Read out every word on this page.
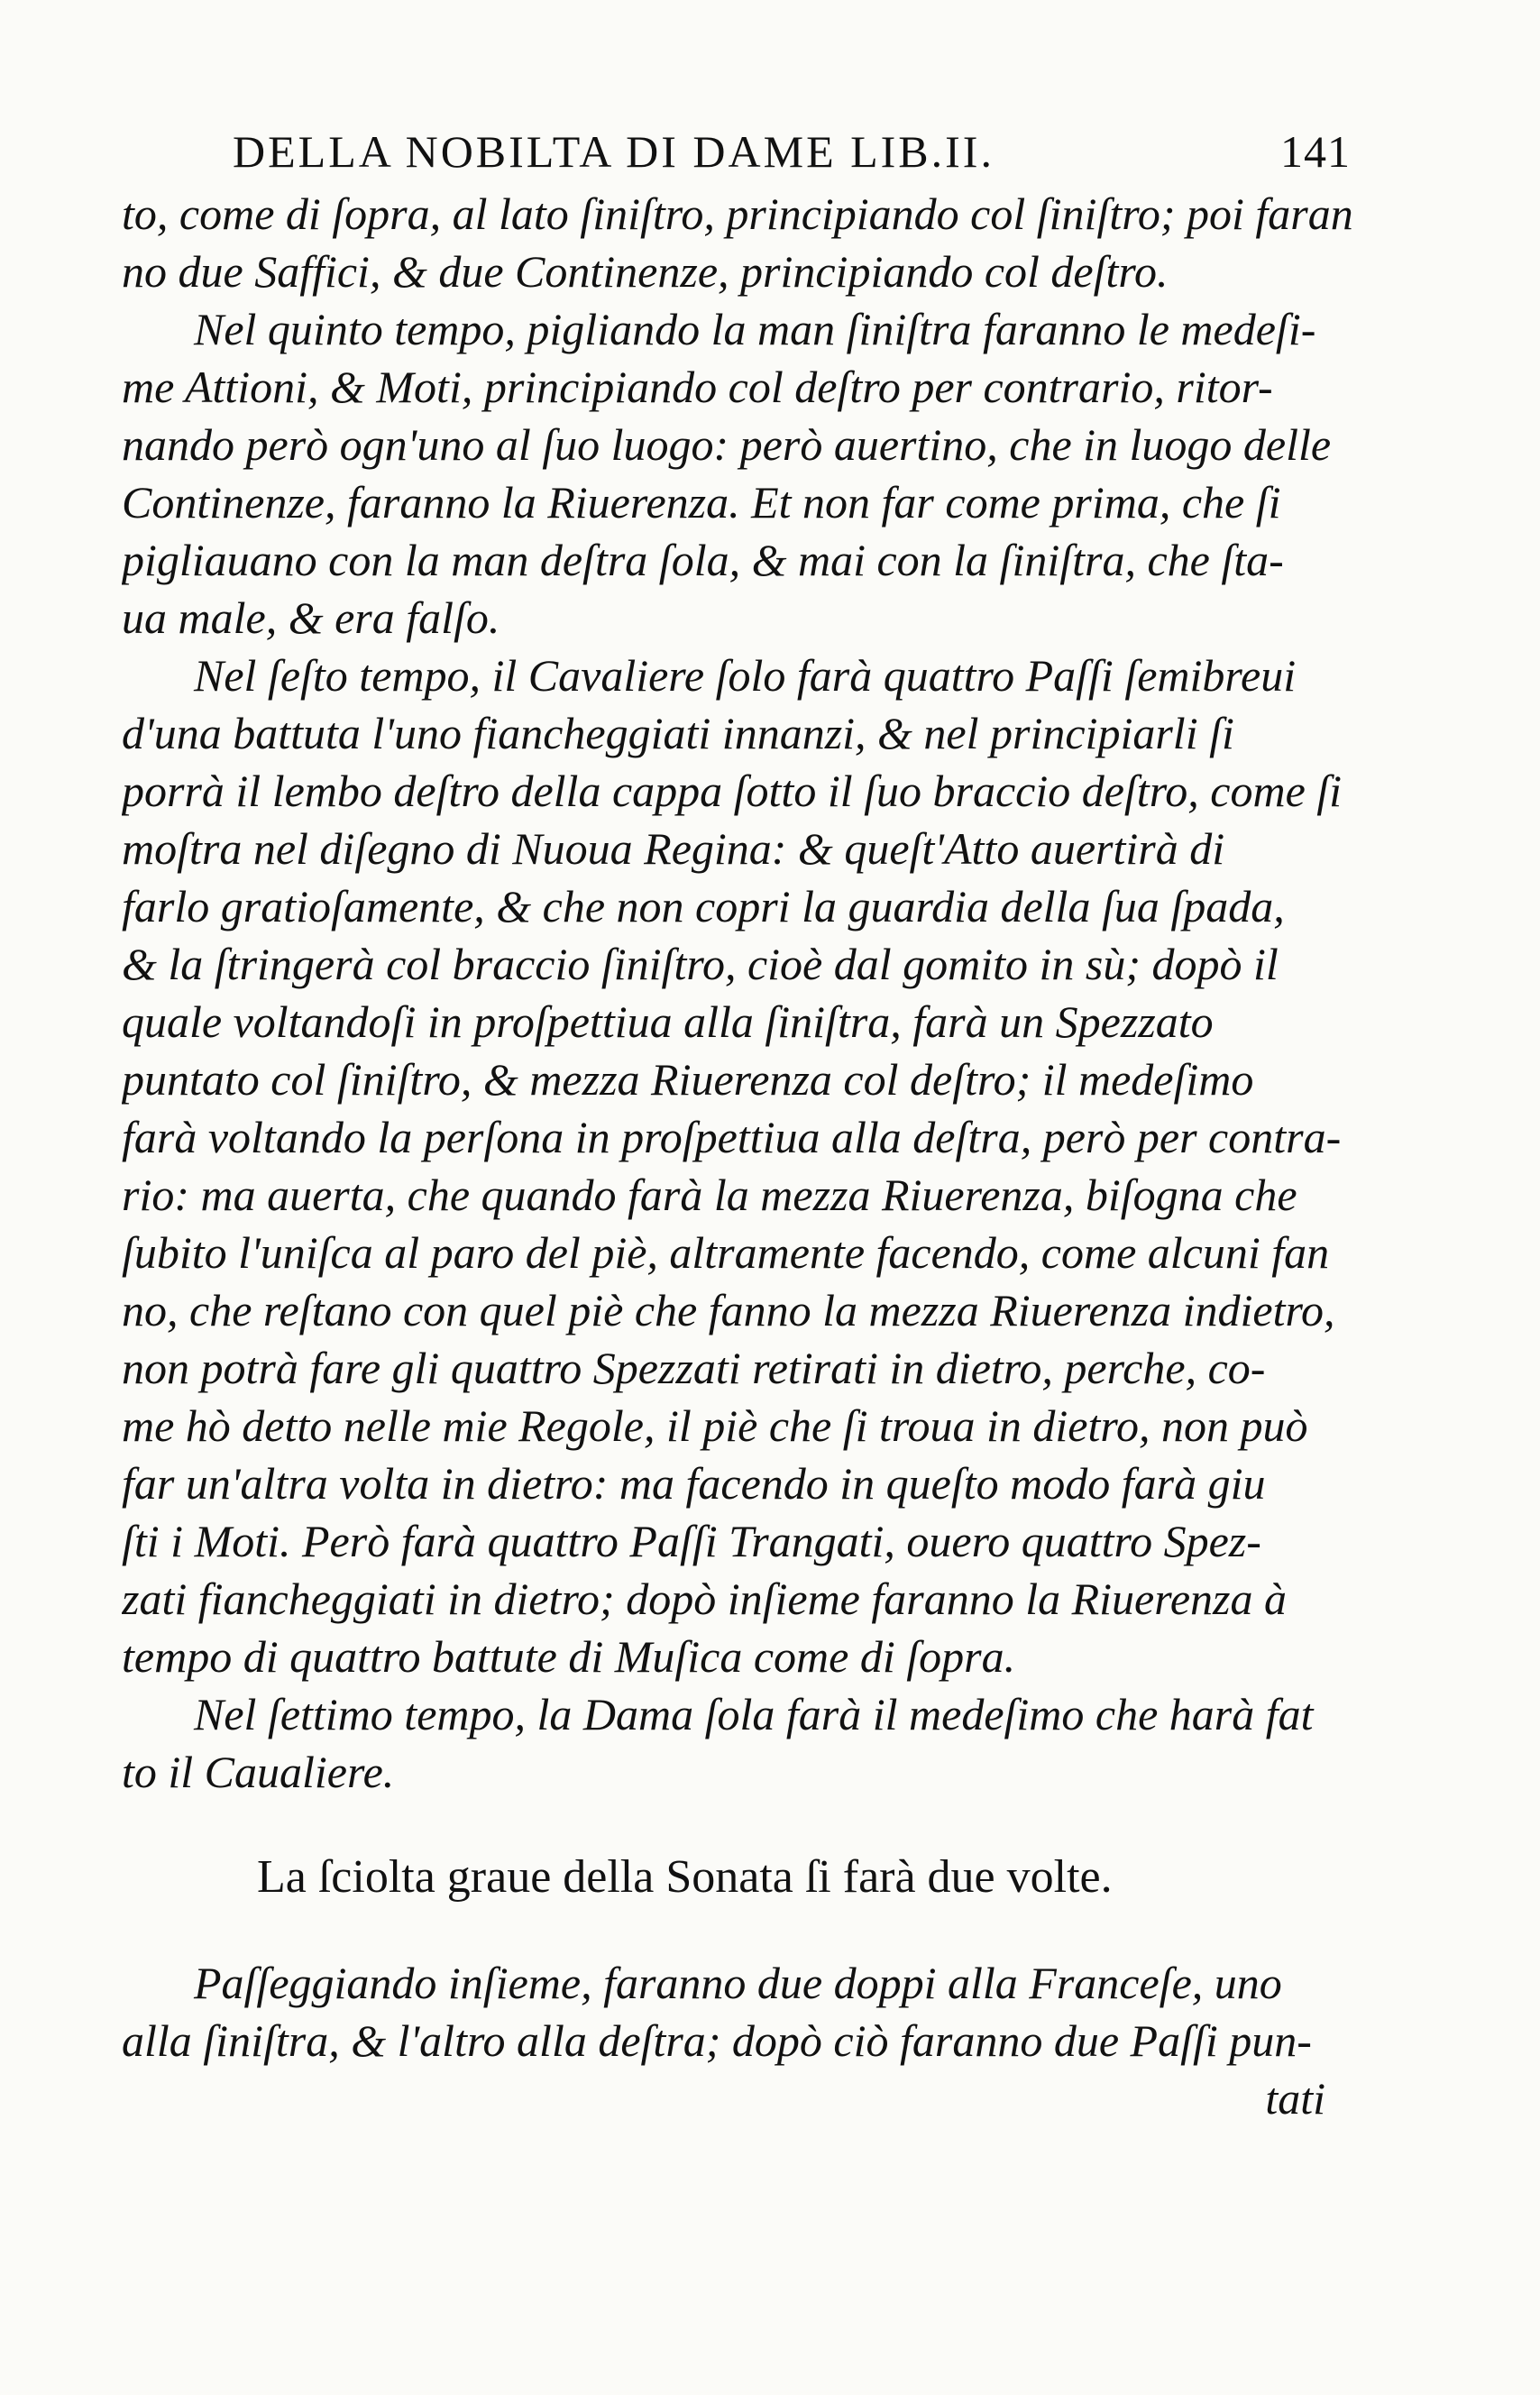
DELLA NOBILTA DI DAME LIB.II.	141
to, come di ſopra, al lato ſiniſtro, principiando col ſiniſtro; poi faran
no due Saffici, & due Continenze, principiando col deſtro.
Nel quinto tempo, pigliando la man ſiniſtra faranno le medeſi-
me Attioni, & Moti, principiando col deſtro per contrario, ritor-
nando però ogn'uno al ſuo luogo: però auertino, che in luogo delle
Continenze, faranno la Riuerenza. Et non far come prima, che ſi
pigliauano con la man deſtra ſola, & mai con la ſiniſtra, che ſta-
ua male, & era falſo.
Nel ſeſto tempo, il Cavaliere ſolo farà quattro Paſſi ſemibreui
d'una battuta l'uno fiancheggiati innanzi, & nel principiarli ſi
porrà il lembo deſtro della cappa ſotto il ſuo braccio deſtro, come ſi
moſtra nel diſegno di Nuoua Regina: & queſt'Atto auertirà di
farlo gratioſamente, & che non copri la guardia della ſua ſpada,
& la ſtringerà col braccio ſiniſtro, cioè dal gomito in sù; dopò il
quale voltandoſi in proſpettiua alla ſiniſtra, farà un Spezzato
puntato col ſiniſtro, & mezza Riuerenza col deſtro; il medeſimo
farà voltando la perſona in proſpettiua alla deſtra, però per contra-
rio: ma auerta, che quando farà la mezza Riuerenza, biſogna che
ſubito l'uniſca al paro del piè, altramente facendo, come alcuni fan
no, che reſtano con quel piè che fanno la mezza Riuerenza indietro,
non potrà fare gli quattro Spezzati retirati in dietro, perche, co-
me hò detto nelle mie Regole, il piè che ſi troua in dietro, non può
far un'altra volta in dietro: ma facendo in queſto modo farà giu
ſti i Moti. Però farà quattro Paſſi Trangati, ouero quattro Spez-
zati fiancheggiati in dietro; dopò inſieme faranno la Riuerenza à
tempo di quattro battute di Muſica come di ſopra.
Nel ſettimo tempo, la Dama ſola farà il medeſimo che harà fat
to il Caualiere.
La ſciolta graue della Sonata ſi farà due volte.
Paſſeggiando inſieme, faranno due doppi alla Franceſe, uno
alla ſiniſtra, & l'altro alla deſtra; dopò ciò faranno due Paſſi pun-
tati
